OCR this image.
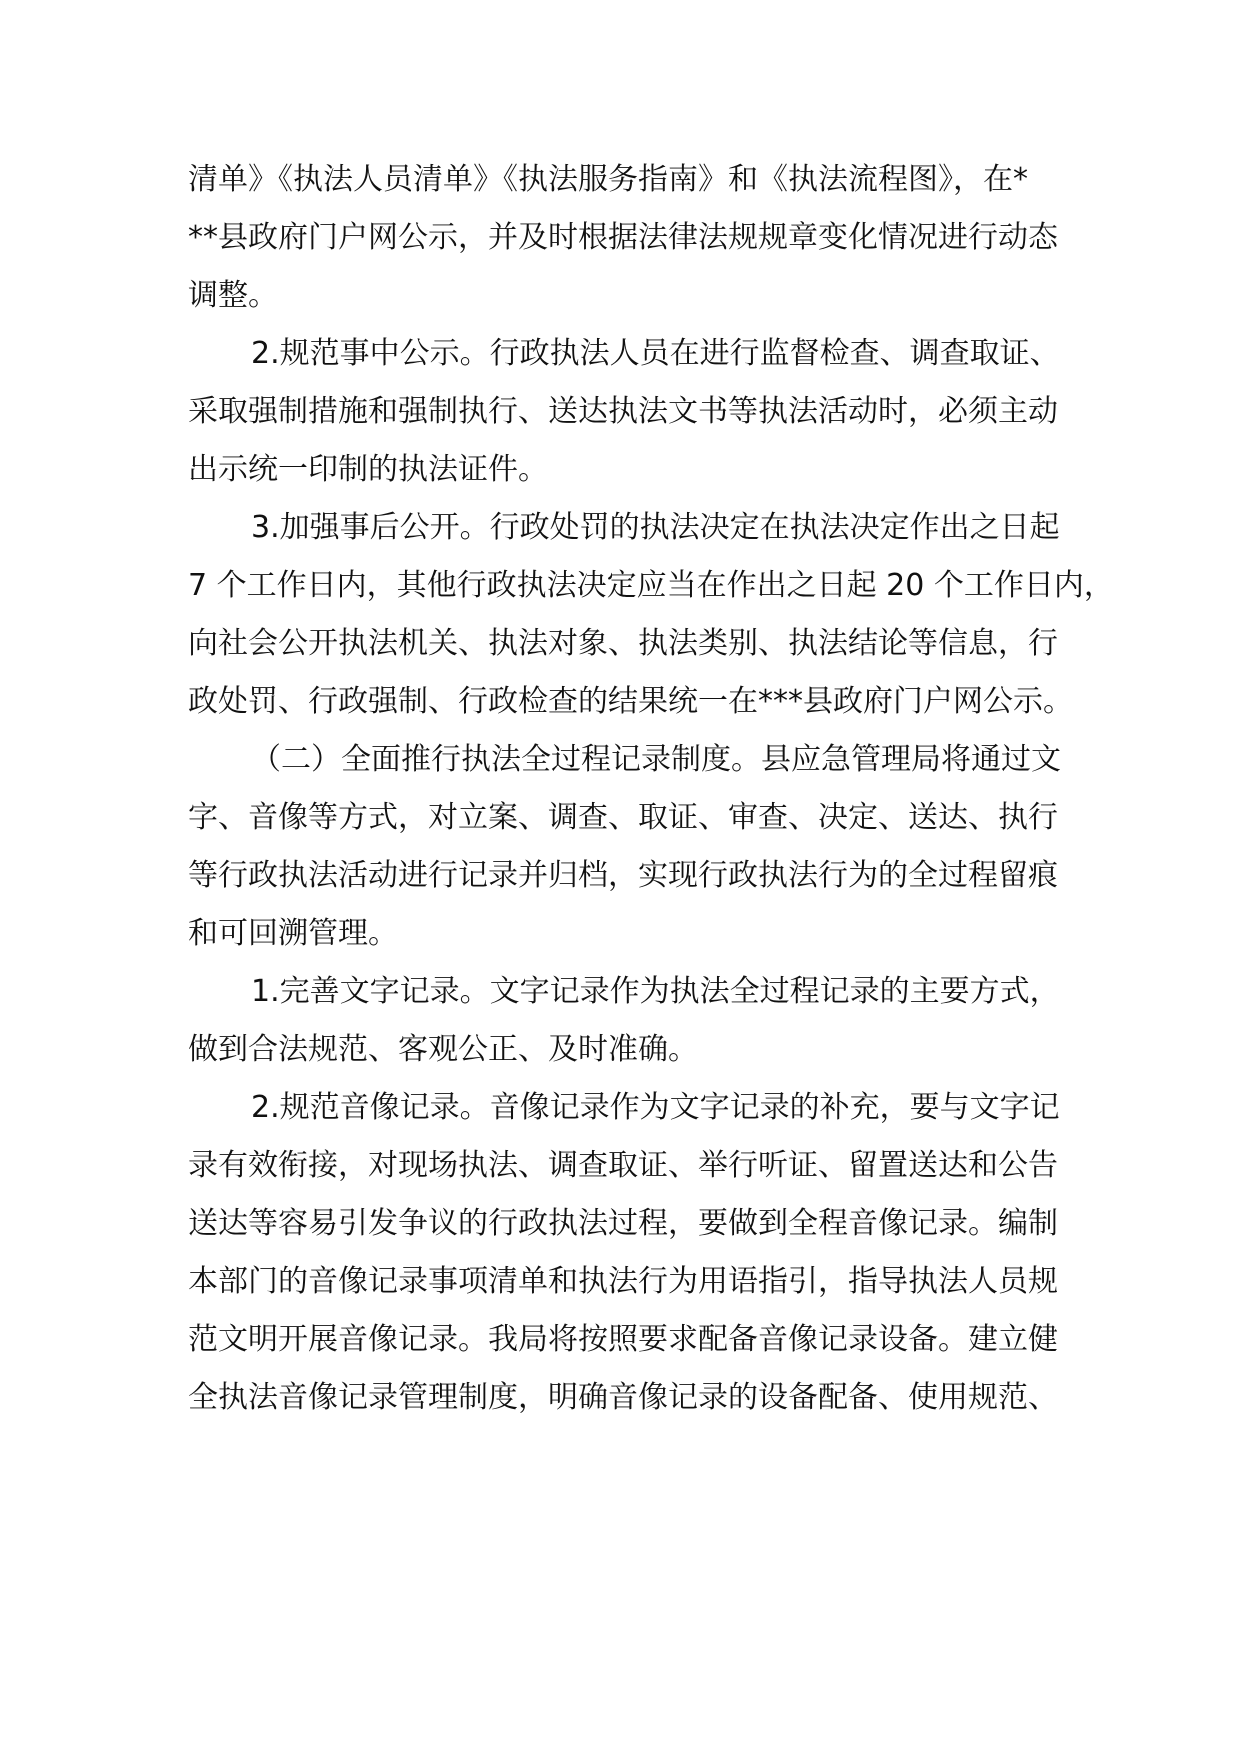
清单》《执法人员清单》《执法服务指南》和《执法流程图》，在*
**县政府门户网公示，并及时根据法律法规规章变化情况进行动态
调整。
2.规范事中公示。行政执法人员在进行监督检查、调查取证、
采取强制措施和强制执行、送达执法文书等执法活动时，必须主动
出示统一印制的执法证件。
3.加强事后公开。行政处罚的执法决定在执法决定作出之日起
7 个工作日内，其他行政执法决定应当在作出之日起 20 个工作日内，
向社会公开执法机关、执法对象、执法类别、执法结论等信息，行
政处罚、行政强制、行政检查的结果统一在***县政府门户网公示。
（二）全面推行执法全过程记录制度。县应急管理局将通过文
字、音像等方式，对立案、调查、取证、审查、决定、送达、执行
等行政执法活动进行记录并归档，实现行政执法行为的全过程留痕
和可回溯管理。
1.完善文字记录。文字记录作为执法全过程记录的主要方式，
做到合法规范、客观公正、及时准确。
2.规范音像记录。音像记录作为文字记录的补充，要与文字记
录有效衔接，对现场执法、调查取证、举行听证、留置送达和公告
送达等容易引发争议的行政执法过程，要做到全程音像记录。编制
本部门的音像记录事项清单和执法行为用语指引，指导执法人员规
范文明开展音像记录。我局将按照要求配备音像记录设备。建立健
全执法音像记录管理制度，明确音像记录的设备配备、使用规范、
